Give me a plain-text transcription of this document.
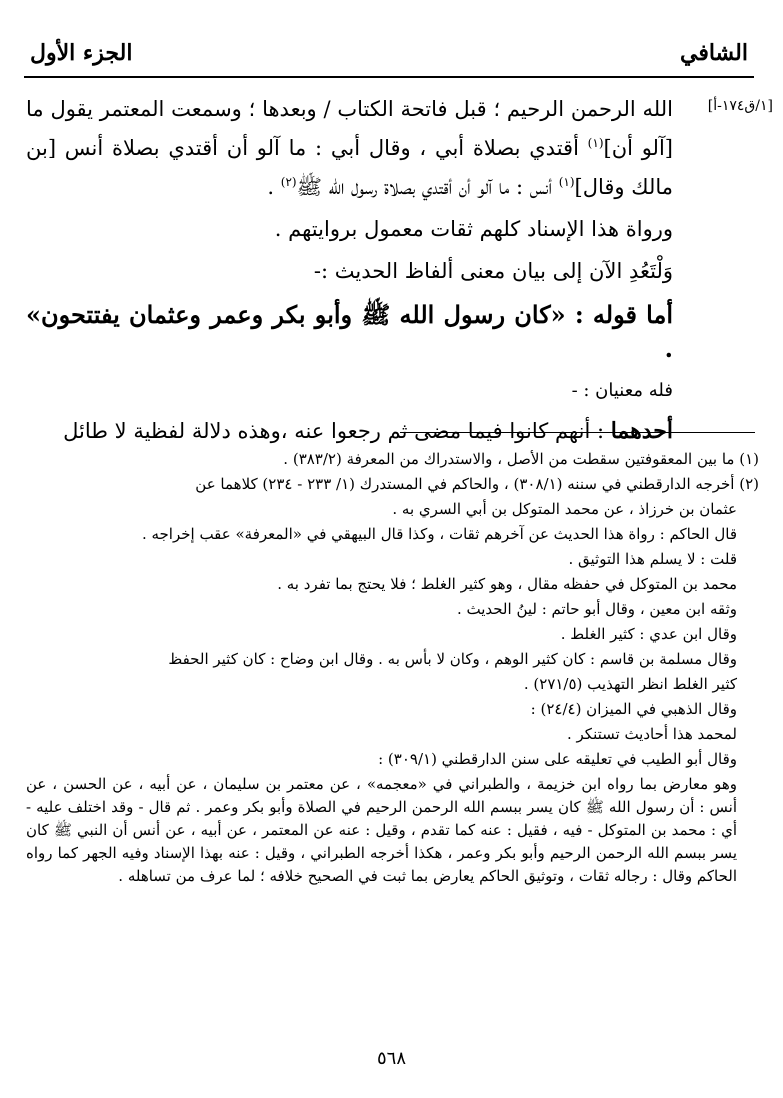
الشافي
الجزء الأول
[١/ق١٧٤-أ]

الله الرحمن الرحيم ؛ قبل فاتحة الكتاب / وبعدها ؛ وسمعت المعتمر يقول ما [آلو أن]$^{(١)}$ أقتدي بصلاة أبي ، وقال أبي : ما آلو أن أقتدي بصلاة أنس [بن مالك وقال]$^{(١)}$ أنس : ما آلو أن أقتدي بصلاة رسول الله ﷺ$^{(٢)}$ .

ورواة هذا الإسناد كلهم ثقات معمول بروايتهم .

وَلْتَعُدِ الآن إلى بيان معنى ألفاظ الحديث :-

أما قوله : «كان رسول الله ﷺ وأبو بكر وعمر وعثمان يفتتحون» .

فله معنيان : -

أحدهما : أنهم كانوا فيما مضى ثم رجعوا عنه ،وهذه دلالة لفظية لا طائل

(١) ما بين المعقوفتين سقطت من الأصل ، والاستدراك من المعرفة (٣٨٣/٢) .

(٢) أخرجه الدارقطني في سننه (٣٠٨/١) ، والحاكم في المستدرك (١/ ٢٣٣ - ٢٣٤) كلاهما عن

عثمان بن خرزاذ ، عن محمد المتوكل بن أبي السري به .

قال الحاكم : رواة هذا الحديث عن آخرهم ثقات ، وكذا قال البيهقي في «المعرفة» عقب إخراجه .

قلت : لا يسلم هذا التوثيق .

محمد بن المتوكل في حفظه مقال ، وهو كثير الغلط ؛ فلا يحتج بما تفرد به .

وثقه ابن معين ، وقال أبو حاتم : لينُ الحديث .

وقال ابن عدي : كثير الغلط .

وقال مسلمة بن قاسم : كان كثير الوهم ، وكان لا بأس به . وقال ابن وضاح : كان كثير الحفظ

كثير الغلط انظر التهذيب (٢٧١/٥) .

وقال الذهبي في الميزان (٢٤/٤) :

لمحمد هذا أحاديث تستنكر .

وقال أبو الطيب في تعليقه على سنن الدارقطني (٣٠٩/١) :

وهو معارض بما رواه ابن خزيمة ، والطبراني في «معجمه» ، عن معتمر بن سليمان ، عن أبيه ، عن الحسن ، عن أنس : أن رسول الله ﷺ كان يسر ببسم الله الرحمن الرحيم في الصلاة وأبو بكر وعمر . ثم قال - وقد اختلف عليه - أي : محمد بن المتوكل - فيه ، فقيل : عنه كما تقدم ، وقيل : عنه عن المعتمر ، عن أبيه ، عن أنس أن النبي ﷺ كان يسر ببسم الله الرحمن الرحيم وأبو بكر وعمر ، هكذا أخرجه الطبراني ، وقيل : عنه بهذا الإسناد وفيه الجهر كما رواه الحاكم وقال : رجاله ثقات ، وتوثيق الحاكم يعارض بما ثبت في الصحيح خلافه ؛ لما عرف من تساهله .

٥٦٨
